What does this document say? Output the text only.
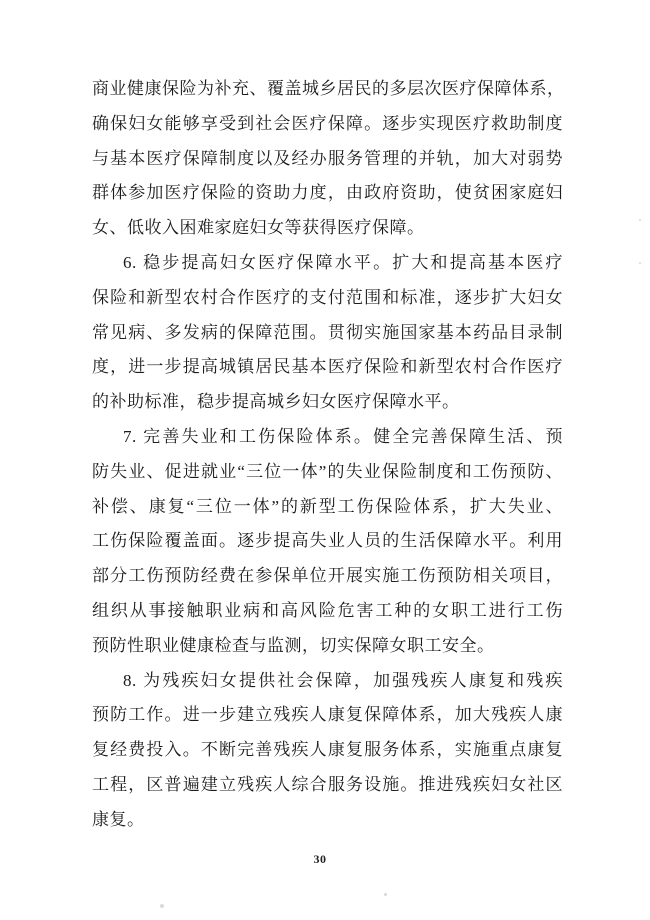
商业健康保险为补充、覆盖城乡居民的多层次医疗保障体系，
确保妇女能够享受到社会医疗保障。逐步实现医疗救助制度
与基本医疗保障制度以及经办服务管理的并轨，加大对弱势
群体参加医疗保险的资助力度，由政府资助，使贫困家庭妇
女、低收入困难家庭妇女等获得医疗保障。
6. 稳步提高妇女医疗保障水平。扩大和提高基本医疗
保险和新型农村合作医疗的支付范围和标准，逐步扩大妇女
常见病、多发病的保障范围。贯彻实施国家基本药品目录制
度，进一步提高城镇居民基本医疗保险和新型农村合作医疗
的补助标准，稳步提高城乡妇女医疗保障水平。
7. 完善失业和工伤保险体系。健全完善保障生活、预
防失业、促进就业“三位一体”的失业保险制度和工伤预防、
补偿、康复“三位一体”的新型工伤保险体系，扩大失业、
工伤保险覆盖面。逐步提高失业人员的生活保障水平。利用
部分工伤预防经费在参保单位开展实施工伤预防相关项目，
组织从事接触职业病和高风险危害工种的女职工进行工伤
预防性职业健康检查与监测，切实保障女职工安全。
8. 为残疾妇女提供社会保障，加强残疾人康复和残疾
预防工作。进一步建立残疾人康复保障体系，加大残疾人康
复经费投入。不断完善残疾人康复服务体系，实施重点康复
工程，区普遍建立残疾人综合服务设施。推进残疾妇女社区
康复。
30
